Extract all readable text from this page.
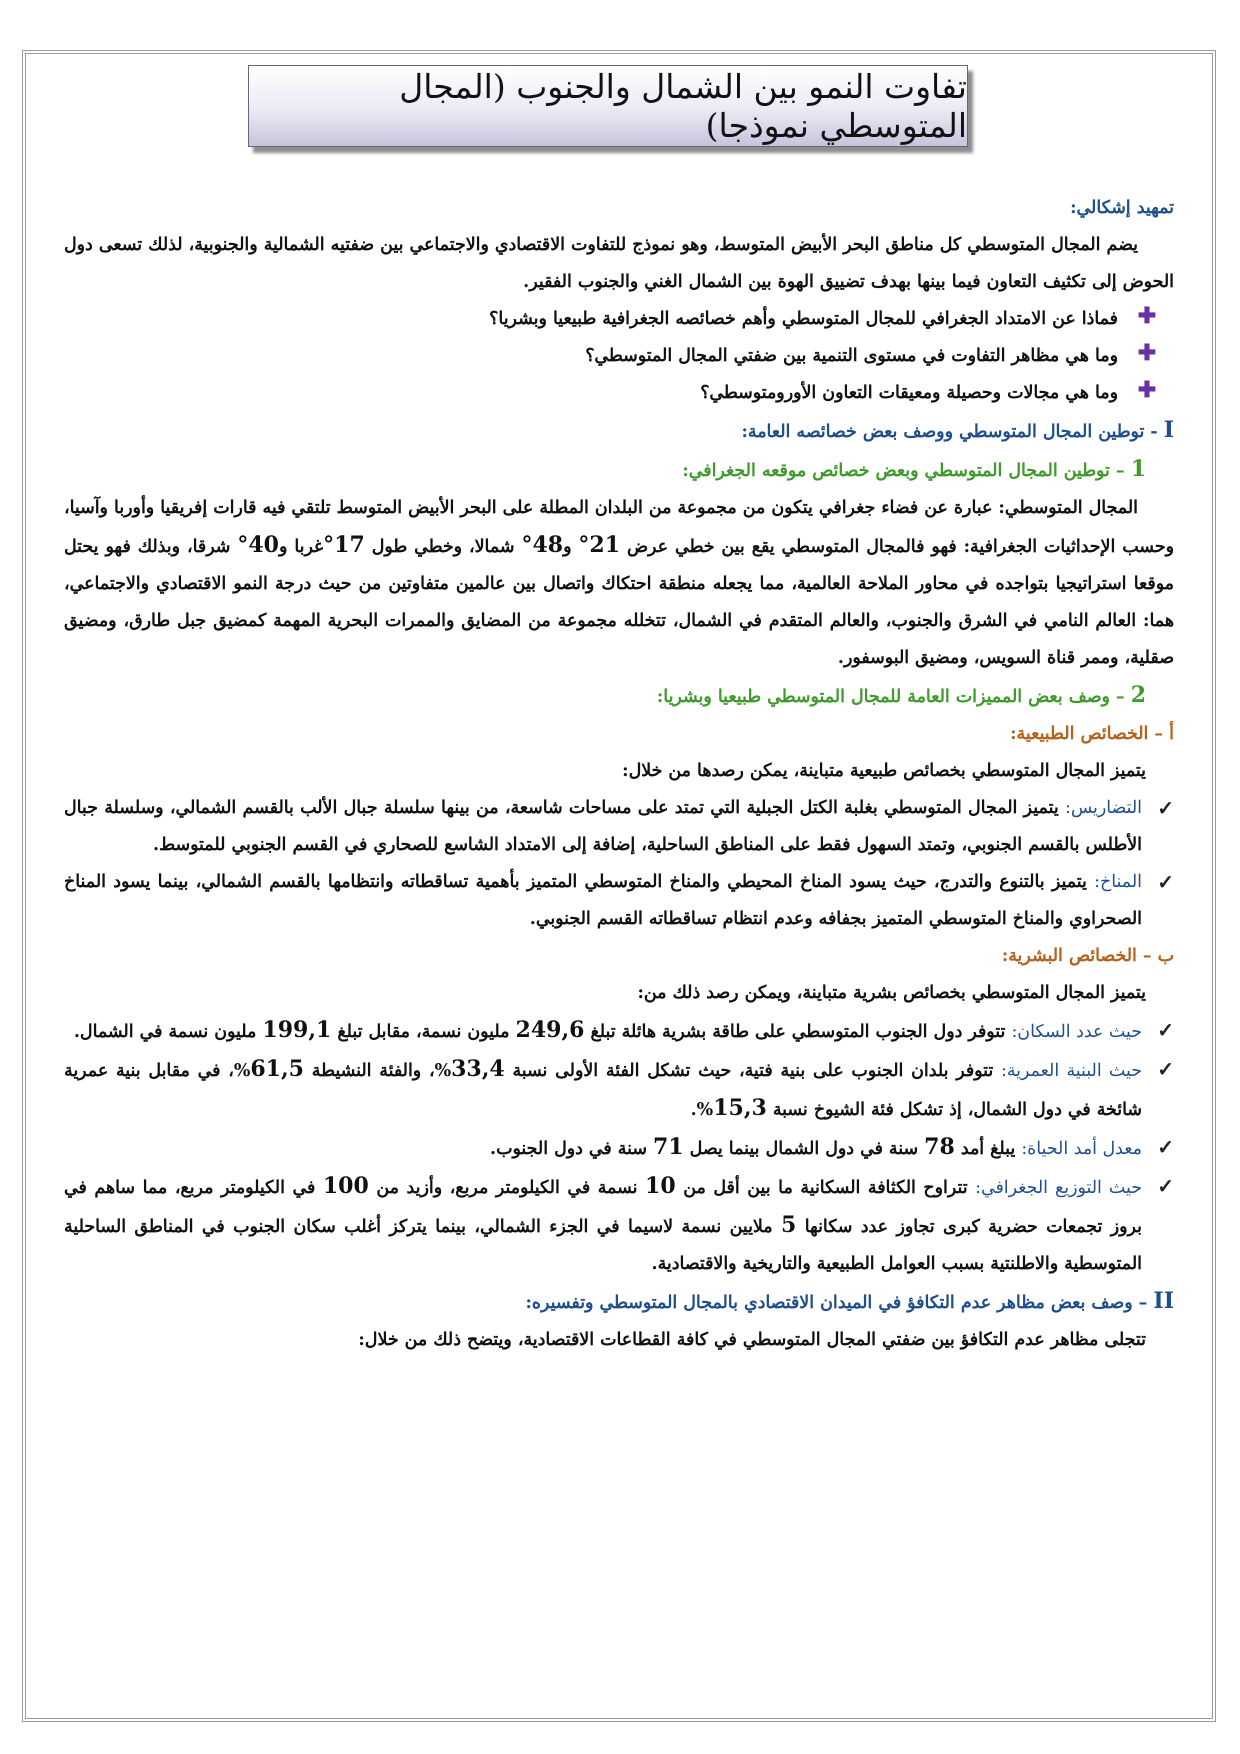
تفاوت النمو بين الشمال والجنوب (المجال المتوسطي نموذجا)

تمهيد إشكالي:

يضم المجال المتوسطي كل مناطق البحر الأبيض المتوسط، وهو نموذج للتفاوت الاقتصادي والاجتماعي بين ضفتيه الشمالية والجنوبية، لذلك تسعى دول الحوض إلى تكثيف التعاون فيما بينها بهدف تضييق الهوة بين الشمال الغني والجنوب الفقير.

✚
فماذا عن الامتداد الجغرافي للمجال المتوسطي وأهم خصائصه الجغرافية طبيعيا وبشريا؟

✚
وما هي مظاهر التفاوت في مستوى التنمية بين ضفتي المجال المتوسطي؟

✚
وما هي مجالات وحصيلة ومعيقات التعاون الأورومتوسطي؟

I - توطين المجال المتوسطي ووصف بعض خصائصه العامة:

1 – توطين المجال المتوسطي وبعض خصائص موقعه الجغرافي:

المجال المتوسطي: عبارة عن فضاء جغرافي يتكون من مجموعة من البلدان المطلة على البحر الأبيض المتوسط تلتقي فيه قارات إفريقيا وأوربا وآسيا، وحسب الإحداثيات الجغرافية: فهو فالمجال المتوسطي يقع بين خطي عرض 21° و48° شمالا، وخطي طول 17°غربا و40° شرقا، وبذلك فهو يحتل موقعا استراتيجيا بتواجده في محاور الملاحة العالمية، مما يجعله منطقة احتكاك واتصال بين عالمين متفاوتين من حيث درجة النمو الاقتصادي والاجتماعي، هما: العالم النامي في الشرق والجنوب، والعالم المتقدم في الشمال، تتخلله مجموعة من المضايق والممرات البحرية المهمة كمضيق جبل طارق، ومضيق صقلية، وممر قناة السويس، ومضيق البوسفور.

2 – وصف بعض المميزات العامة للمجال المتوسطي طبيعيا وبشريا:

أ – الخصائص الطبيعية:

يتميز المجال المتوسطي بخصائص طبيعية متباينة، يمكن رصدها من خلال:

✓
التضاريس: يتميز المجال المتوسطي بغلبة الكتل الجبلية التي تمتد على مساحات شاسعة، من بينها سلسلة جبال الألب بالقسم الشمالي، وسلسلة جبال الأطلس بالقسم الجنوبي، وتمتد السهول فقط على المناطق الساحلية، إضافة إلى الامتداد الشاسع للصحاري في القسم الجنوبي للمتوسط.

✓
المناخ: يتميز بالتنوع والتدرج، حيث يسود المناخ المحيطي والمناخ المتوسطي المتميز بأهمية تساقطاته وانتظامها بالقسم الشمالي، بينما يسود المناخ الصحراوي والمناخ المتوسطي المتميز بجفافه وعدم انتظام تساقطاته القسم الجنوبي.

ب – الخصائص البشرية:

يتميز المجال المتوسطي بخصائص بشرية متباينة، ويمكن رصد ذلك من:

✓
حيث عدد السكان: تتوفر دول الجنوب المتوسطي على طاقة بشرية هائلة تبلغ 249,6 مليون نسمة، مقابل تبلغ 199,1 مليون نسمة في الشمال.

✓
حيث البنية العمرية: تتوفر بلدان الجنوب على بنية فتية، حيث تشكل الفئة الأولى نسبة 33,4%، والفئة النشيطة 61,5%، في مقابل بنية عمرية شائخة في دول الشمال، إذ تشكل فئة الشيوخ نسبة 15,3%.

✓
معدل أمد الحياة: يبلغ أمد 78 سنة في دول الشمال بينما يصل 71 سنة في دول الجنوب.

✓
حيث التوزيع الجغرافي: تتراوح الكثافة السكانية ما بين أقل من 10 نسمة في الكيلومتر مربع، وأزيد من 100 في الكيلومتر مربع، مما ساهم في بروز تجمعات حضرية كبرى تجاوز عدد سكانها 5 ملايين نسمة لاسيما في الجزء الشمالي، بينما يتركز أغلب سكان الجنوب في المناطق الساحلية المتوسطية والاطلنتية بسبب العوامل الطبيعية والتاريخية والاقتصادية.

II – وصف بعض مظاهر عدم التكافؤ في الميدان الاقتصادي بالمجال المتوسطي وتفسيره:

تتجلى مظاهر عدم التكافؤ بين ضفتي المجال المتوسطي في كافة القطاعات الاقتصادية، ويتضح ذلك من خلال:
